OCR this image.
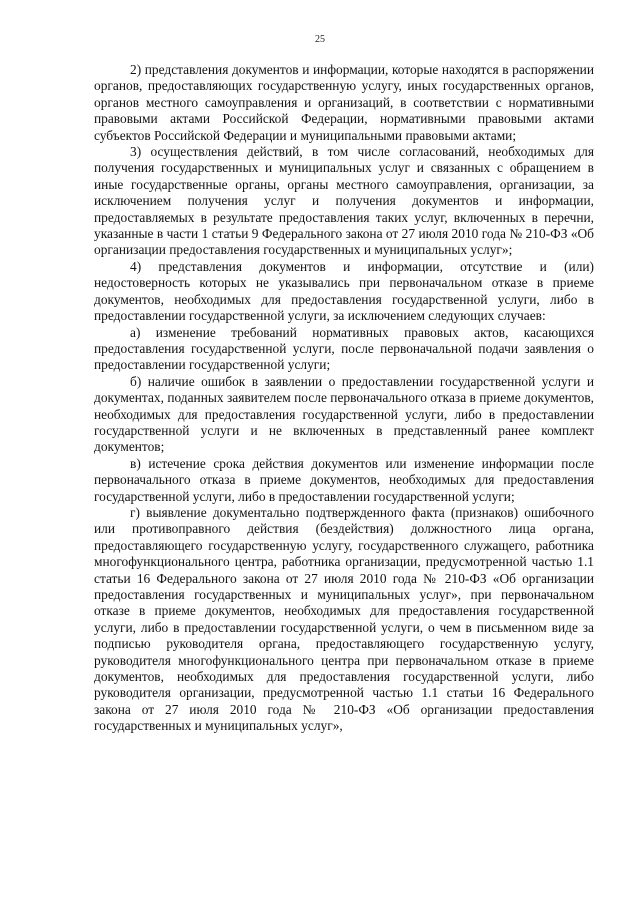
25

2) представления документов и информации, которые находятся в распоряжении органов, предоставляющих государственную услугу, иных государственных органов, органов местного самоуправления и организаций, в соответствии с нормативными правовыми актами Российской Федерации, нормативными правовыми актами субъектов Российской Федерации и муниципальными правовыми актами;

3) осуществления действий, в том числе согласований, необходимых для получения государственных и муниципальных услуг и связанных с обращением в иные государственные органы, органы местного самоуправления, организации, за исключением получения услуг и получения документов и информации, предоставляемых в результате предоставления таких услуг, включенных в перечни, указанные в части 1 статьи 9 Федерального закона от 27 июля 2010 года № 210-ФЗ «Об организации предоставления государственных и муниципальных услуг»;

4) представления документов и информации, отсутствие и (или) недостоверность которых не указывались при первоначальном отказе в приеме документов, необходимых для предоставления государственной услуги, либо в предоставлении государственной услуги, за исключением следующих случаев:

а) изменение требований нормативных правовых актов, касающихся предоставления государственной услуги, после первоначальной подачи заявления о предоставлении государственной услуги;

б) наличие ошибок в заявлении о предоставлении государственной услуги и документах, поданных заявителем после первоначального отказа в приеме документов, необходимых для предоставления государственной услуги, либо в предоставлении государственной услуги и не включенных в представленный ранее комплект документов;

в) истечение срока действия документов или изменение информации после первоначального отказа в приеме документов, необходимых для предоставления государственной услуги, либо в предоставлении государственной услуги;

г) выявление документально подтвержденного факта (признаков) ошибочного или противоправного действия (бездействия) должностного лица органа, предоставляющего государственную услугу, государственного служащего, работника многофункционального центра, работника организации, предусмотренной частью 1.1 статьи 16 Федерального закона от 27 июля 2010 года № 210-ФЗ «Об организации предоставления государственных и муниципальных услуг», при первоначальном отказе в приеме документов, необходимых для предоставления государственной услуги, либо в предоставлении государственной услуги, о чем в письменном виде за подписью руководителя органа, предоставляющего государственную услугу, руководителя многофункционального центра при первоначальном отказе в приеме документов, необходимых для предоставления государственной услуги, либо руководителя организации, предусмотренной частью 1.1 статьи 16 Федерального закона от 27 июля 2010 года № 210-ФЗ «Об организации предоставления государственных и муниципальных услуг»,
